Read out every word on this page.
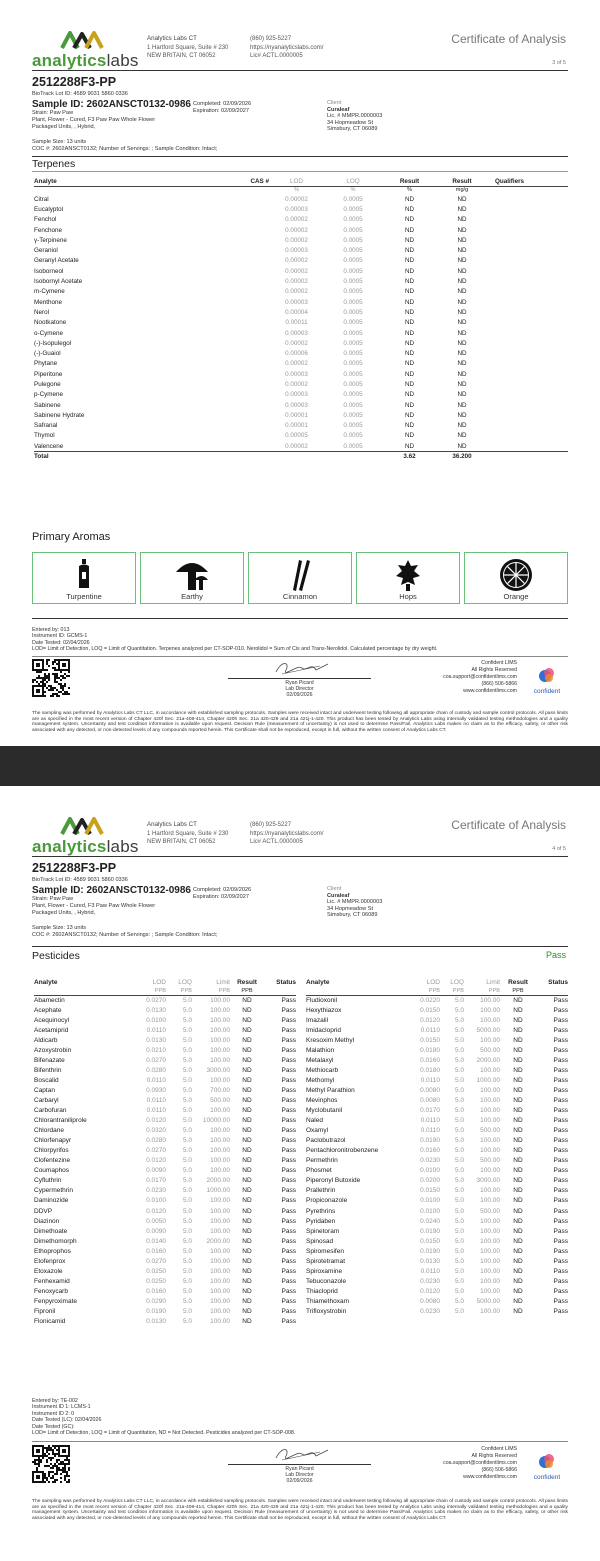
analyticslabs
Analytics Labs CT
1 Hartford Square, Suite # 230
NEW BRITAIN, CT 06052
(860) 925-5227
https://nyanalyticslabs.com/
Lic# ACTL.0000005
Certificate of Analysis
3 of 5
2512288F3-PP
BioTrack Lot ID: 4589 9031 5860 0336
Sample ID: 2602ANSCT0132-0986
Strain: Paw Paw
Plant, Flower - Cured, F3 Paw Paw Whole Flower
Packaged Units, , Hybrid,
Completed: 02/09/2026
Expiration: 02/09/2027
Client
Curaleaf
Lic. # MMPR.0000003
34 Hopmeadow St
Simsbury, CT 06089
Sample Size: 13 units
COC #: 2602ANSCT0132; Number of Servings: ; Sample Condition: Intact;
Terpenes
Analyte	CAS #	LOD	LOQ	Result	Result	Qualifiers
		%	%	%	mg/g	
Citral		0.00002	0.0005	ND	ND	
Eucalyptol		0.00003	0.0005	ND	ND	
Fenchol		0.00002	0.0005	ND	ND	
Fenchone		0.00002	0.0005	ND	ND	
γ-Terpinene		0.00002	0.0005	ND	ND	
Geraniol		0.00003	0.0005	ND	ND	
Geranyl Acetate		0.00002	0.0005	ND	ND	
Isoborneol		0.00002	0.0005	ND	ND	
Isobornyl Acetate		0.00002	0.0005	ND	ND	
m-Cymene		0.00002	0.0005	ND	ND	
Menthone		0.00003	0.0005	ND	ND	
Nerol		0.00004	0.0005	ND	ND	
Nootkatone		0.00011	0.0005	ND	ND	
o-Cymene		0.00003	0.0005	ND	ND	
(-)-Isopulegol		0.00002	0.0005	ND	ND	
(-)-Guaiol		0.00006	0.0005	ND	ND	
Phytane		0.00002	0.0005	ND	ND	
Piperitone		0.00003	0.0005	ND	ND	
Pulegone		0.00002	0.0005	ND	ND	
p-Cymene		0.00003	0.0005	ND	ND	
Sabinene		0.00003	0.0005	ND	ND	
Sabinene Hydrate		0.00001	0.0005	ND	ND	
Safranal		0.00001	0.0005	ND	ND	
Thymol		0.00005	0.0005	ND	ND	
Valencene		0.00002	0.0005	ND	ND	
Total				3.62	36.200	
Primary Aromas
Turpentine	Earthy	Cinnamon	Hops	Orange
Entered by: 013
Instrument ID: GCMS-1
Date Tested: 02/04/2026
LOD= Limit of Detection, LOQ = Limit of Quantitation. Terpenes analyzed per CT-SOP-010. Nerolidol = Sum of Cis and Trans-Nerolidol. Calculated percentage by dry weight.
Ryan Picard
Lab Director
02/09/2026
Confident LIMS
All Rights Reserved
coa.support@confidentlims.com
(866) 506-5866
www.confidentlims.com	confident
The sampling was performed by Analytics Labs CT LLC, in accordance with established sampling protocols. Samples were received intact and underwent testing following all appropriate chain of custody and sample control protocols. All pass limits are as specified in the most recent version of Chapter 420f Sec. 21a-408-414, Chapter 420h Sec. 21a 420-429 and 21a 421j-1-420. This product has been tested by Analytics Labs using internally validated testing methodologies and a quality management system. Uncertainty and test condition information is available upon request. Decision Rule (measurement of uncertainty) is not used to determine Pass/Fail. Analytics Labs makes no claim as to the efficacy, safety, or other risk associated with any detected, or non-detected levels of any compounds reported herein. This Certificate shall not be reproduced, except in full, without the written consent of Analytics Labs CT.
analyticslabs
Analytics Labs CT
1 Hartford Square, Suite # 230
NEW BRITAIN, CT 06052
(860) 925-5227
https://nyanalyticslabs.com/
Lic# ACTL.0000005
Certificate of Analysis
4 of 5
2512288F3-PP
BioTrack Lot ID: 4589 9031 5860 0336
Sample ID: 2602ANSCT0132-0986
Strain: Paw Paw
Plant, Flower - Cured, F3 Paw Paw Whole Flower
Packaged Units, , Hybrid,
Completed: 02/09/2026
Expiration: 02/09/2027
Client
Curaleaf
Lic. # MMPR.0000003
34 Hopmeadow St
Simsbury, CT 06089
Sample Size: 13 units
COC #: 2602ANSCT0132; Number of Servings: ; Sample Condition: Intact;
Pesticides	Pass
Analyte	LOD	LOQ	Limit	Result	Status
	PPB	PPB	PPB	PPB	
Abamectin	0.0270	5.0	100.00	ND	Pass
Acephate	0.0130	5.0	100.00	ND	Pass
Acequinocyl	0.0100	5.0	100.00	ND	Pass
Acetamiprid	0.0110	5.0	100.00	ND	Pass
Aldicarb	0.0130	5.0	100.00	ND	Pass
Azoxystrobin	0.0210	5.0	100.00	ND	Pass
Bifenazate	0.0270	5.0	100.00	ND	Pass
Bifenthrin	0.0280	5.0	3000.00	ND	Pass
Boscalid	0.0110	5.0	100.00	ND	Pass
Captan	0.0930	5.0	700.00	ND	Pass
Carbaryl	0.0110	5.0	500.00	ND	Pass
Carbofuran	0.0110	5.0	100.00	ND	Pass
Chlorantraniliprole	0.0120	5.0	10000.00	ND	Pass
Chlordane	0.0320	5.0	100.00	ND	Pass
Chlorfenapyr	0.0280	5.0	100.00	ND	Pass
Chlorpyrifos	0.0270	5.0	100.00	ND	Pass
Clofentezine	0.0120	5.0	100.00	ND	Pass
Coumaphos	0.0090	5.0	100.00	ND	Pass
Cyfluthrin	0.0170	5.0	2000.00	ND	Pass
Cypermethrin	0.0230	5.0	1000.00	ND	Pass
Daminozide	0.0100	5.0	100.00	ND	Pass
DDVP	0.0120	5.0	100.00	ND	Pass
Diazinon	0.0050	5.0	100.00	ND	Pass
Dimethoate	0.0090	5.0	100.00	ND	Pass
Dimethomorph	0.0140	5.0	2000.00	ND	Pass
Ethoprophos	0.0160	5.0	100.00	ND	Pass
Etofenprox	0.0270	5.0	100.00	ND	Pass
Etoxazole	0.0250	5.0	100.00	ND	Pass
Fenhexamid	0.0250	5.0	100.00	ND	Pass
Fenoxycarb	0.0160	5.0	100.00	ND	Pass
Fenpyroximate	0.0290	5.0	100.00	ND	Pass
Fipronil	0.0190	5.0	100.00	ND	Pass
Flonicamid	0.0130	5.0	100.00	ND	Pass
Analyte	LOD	LOQ	Limit	Result	Status
	PPB	PPB	PPB	PPB	
Fludioxonil	0.0220	5.0	100.00	ND	Pass
Hexythiazox	0.0150	5.0	100.00	ND	Pass
Imazalil	0.0120	5.0	100.00	ND	Pass
Imidacloprid	0.0110	5.0	5000.00	ND	Pass
Kresoxim Methyl	0.0150	5.0	100.00	ND	Pass
Malathion	0.0180	5.0	500.00	ND	Pass
Metalaxyl	0.0160	5.0	2000.00	ND	Pass
Methiocarb	0.0180	5.0	100.00	ND	Pass
Methomyl	0.0110	5.0	1000.00	ND	Pass
Methyl Parathion	0.0080	5.0	100.00	ND	Pass
Mevinphos	0.0080	5.0	100.00	ND	Pass
Myclobutanil	0.0170	5.0	100.00	ND	Pass
Naled	0.0110	5.0	100.00	ND	Pass
Oxamyl	0.0110	5.0	500.00	ND	Pass
Paclobutrazol	0.0190	5.0	100.00	ND	Pass
Pentachloronitrobenzene	0.0160	5.0	100.00	ND	Pass
Permethrin	0.0230	5.0	500.00	ND	Pass
Phosmet	0.0100	5.0	100.00	ND	Pass
Piperonyl Butoxide	0.0200	5.0	3000.00	ND	Pass
Prallethrin	0.0150	5.0	100.00	ND	Pass
Propiconazole	0.0100	5.0	100.00	ND	Pass
Pyrethrins	0.0100	5.0	500.00	ND	Pass
Pyridaben	0.0240	5.0	100.00	ND	Pass
Spinetoram	0.0190	5.0	100.00	ND	Pass
Spinosad	0.0150	5.0	100.00	ND	Pass
Spiromesifen	0.0190	5.0	100.00	ND	Pass
Spirotetramat	0.0130	5.0	100.00	ND	Pass
Spiroxamine	0.0110	5.0	100.00	ND	Pass
Tebuconazole	0.0230	5.0	100.00	ND	Pass
Thiacloprid	0.0120	5.0	100.00	ND	Pass
Thiamethoxam	0.0080	5.0	5000.00	ND	Pass
Trifloxystrobin	0.0230	5.0	100.00	ND	Pass
Entered by: TE-002
Instrument ID 1: LCMS-1
Instrument ID 2: 0
Date Tested (LC): 02/04/2026
Date Tested (GC):
LOD= Limit of Detection, LOQ = Limit of Quantitation, ND = Not Detected. Pesticides analyzed per CT-SOP-008.
Ryan Picard
Lab Director
02/09/2026
Confident LIMS
All Rights Reserved
coa.support@confidentlims.com
(866) 506-5866
www.confidentlims.com	confident
The sampling was performed by Analytics Labs CT LLC, in accordance with established sampling protocols. Samples were received intact and underwent testing following all appropriate chain of custody and sample control protocols. All pass limits are as specified in the most recent version of Chapter 420f Sec. 21a-408-414, Chapter 420h Sec. 21a 420-429 and 21a 421j-1-420. This product has been tested by Analytics Labs using internally validated testing methodologies and a quality management system. Uncertainty and test condition information is available upon request. Decision Rule (measurement of uncertainty) is not used to determine Pass/Fail. Analytics Labs makes no claim as to the efficacy, safety, or other risk associated with any detected, or non-detected levels of any compounds reported herein. This Certificate shall not be reproduced, except in full, without the written consent of Analytics Labs CT.
